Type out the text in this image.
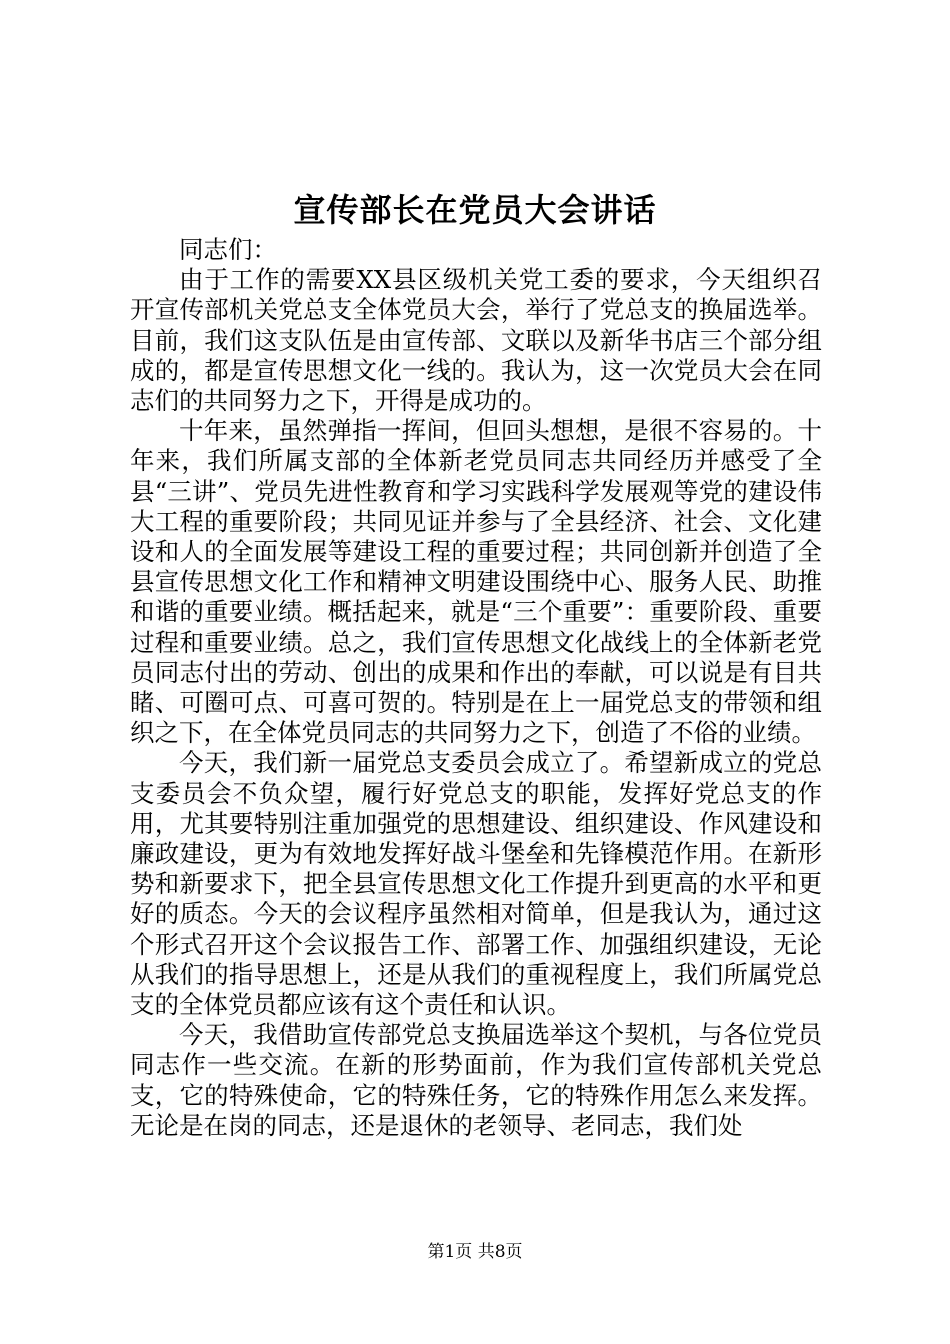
宣传部长在党员大会讲话

同志们：

由于工作的需要XX县区级机关党工委的要求，今天组织召开宣传部机关党总支全体党员大会，举行了党总支的换届选举。目前，我们这支队伍是由宣传部、文联以及新华书店三个部分组成的，都是宣传思想文化一线的。我认为，这一次党员大会在同志们的共同努力之下，开得是成功的。

十年来，虽然弹指一挥间，但回头想想，是很不容易的。十年来，我们所属支部的全体新老党员同志共同经历并感受了全县“三讲”、党员先进性教育和学习实践科学发展观等党的建设伟大工程的重要阶段；共同见证并参与了全县经济、社会、文化建设和人的全面发展等建设工程的重要过程；共同创新并创造了全县宣传思想文化工作和精神文明建设围绕中心、服务人民、助推和谐的重要业绩。概括起来，就是“三个重要”：重要阶段、重要过程和重要业绩。总之，我们宣传思想文化战线上的全体新老党员同志付出的劳动、创出的成果和作出的奉献，可以说是有目共睹、可圈可点、可喜可贺的。特别是在上一届党总支的带领和组织之下，在全体党员同志的共同努力之下，创造了不俗的业绩。

今天，我们新一届党总支委员会成立了。希望新成立的党总支委员会不负众望，履行好党总支的职能，发挥好党总支的作用，尤其要特别注重加强党的思想建设、组织建设、作风建设和廉政建设，更为有效地发挥好战斗堡垒和先锋模范作用。在新形势和新要求下，把全县宣传思想文化工作提升到更高的水平和更好的质态。今天的会议程序虽然相对简单，但是我认为，通过这个形式召开这个会议报告工作、部署工作、加强组织建设，无论从我们的指导思想上，还是从我们的重视程度上，我们所属党总支的全体党员都应该有这个责任和认识。

今天，我借助宣传部党总支换届选举这个契机，与各位党员同志作一些交流。在新的形势面前，作为我们宣传部机关党总支，它的特殊使命，它的特殊任务，它的特殊作用怎么来发挥。无论是在岗的同志，还是退休的老领导、老同志，我们处

第1页 共8页
